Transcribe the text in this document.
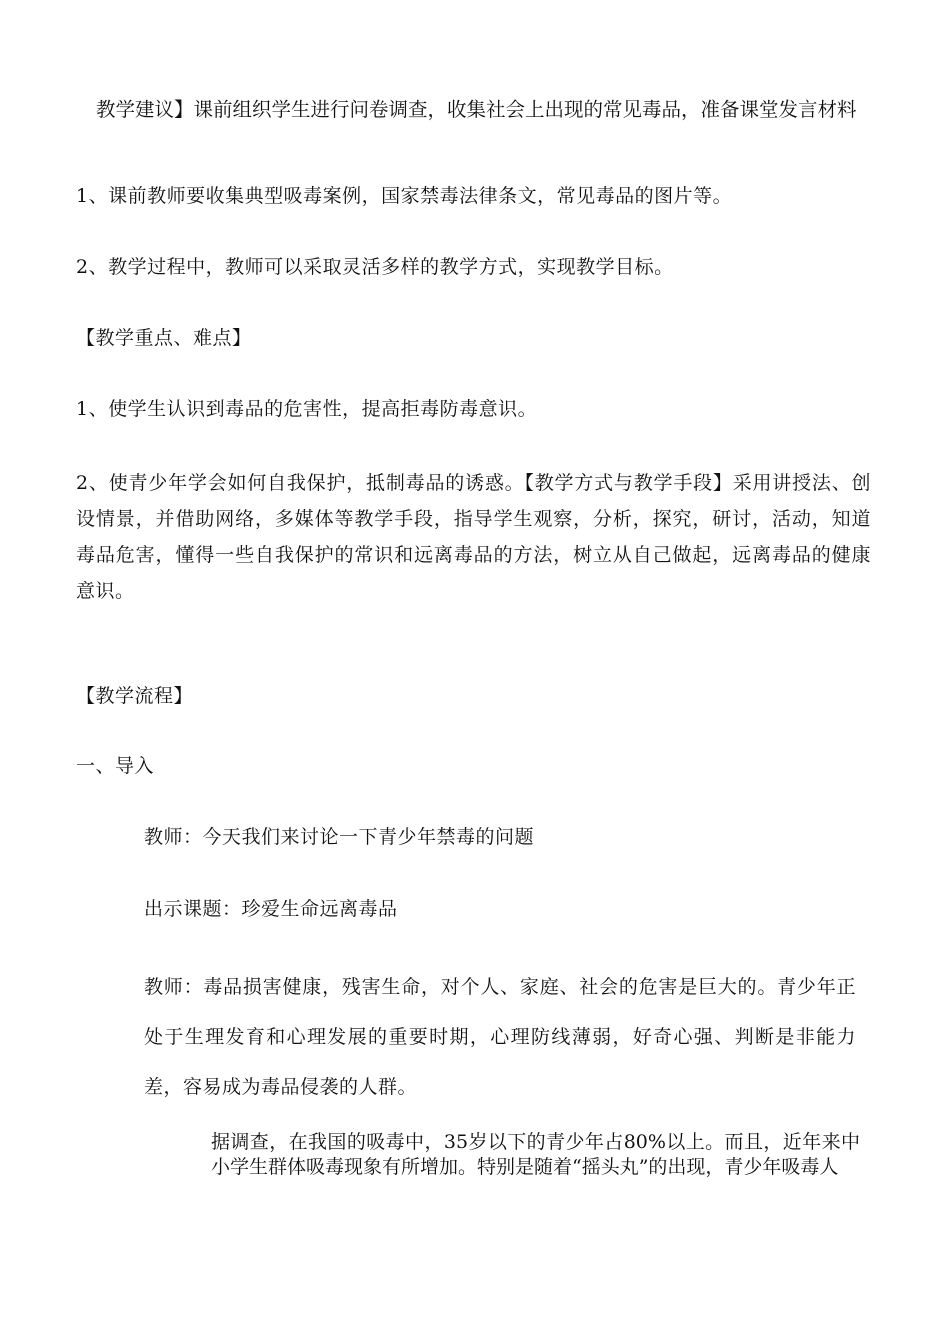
教学建议】课前组织学生进行问卷调查，收集社会上出现的常见毒品，准备课堂发言材料
1、课前教师要收集典型吸毒案例，国家禁毒法律条文，常见毒品的图片等。
2、教学过程中，教师可以采取灵活多样的教学方式，实现教学目标。
【教学重点、难点】
1、使学生认识到毒品的危害性，提高拒毒防毒意识。
2、使青少年学会如何自我保护，抵制毒品的诱惑。【教学方式与教学手段】采用讲授法、创设情景，并借助网络，多媒体等教学手段，指导学生观察，分析，探究，研讨，活动，知道毒品危害，懂得一些自我保护的常识和远离毒品的方法，树立从自己做起，远离毒品的健康意识。
【教学流程】
一、导入
教师：今天我们来讨论一下青少年禁毒的问题
出示课题：珍爱生命远离毒品
教师：毒品损害健康，残害生命，对个人、家庭、社会的危害是巨大的。青少年正处于生理发育和心理发展的重要时期，心理防线薄弱，好奇心强、判断是非能力差，容易成为毒品侵袭的人群。
据调查，在我国的吸毒中，35岁以下的青少年占80%以上。而且，近年来中小学生群体吸毒现象有所增加。特别是随着“摇头丸”的出现，青少年吸毒人
